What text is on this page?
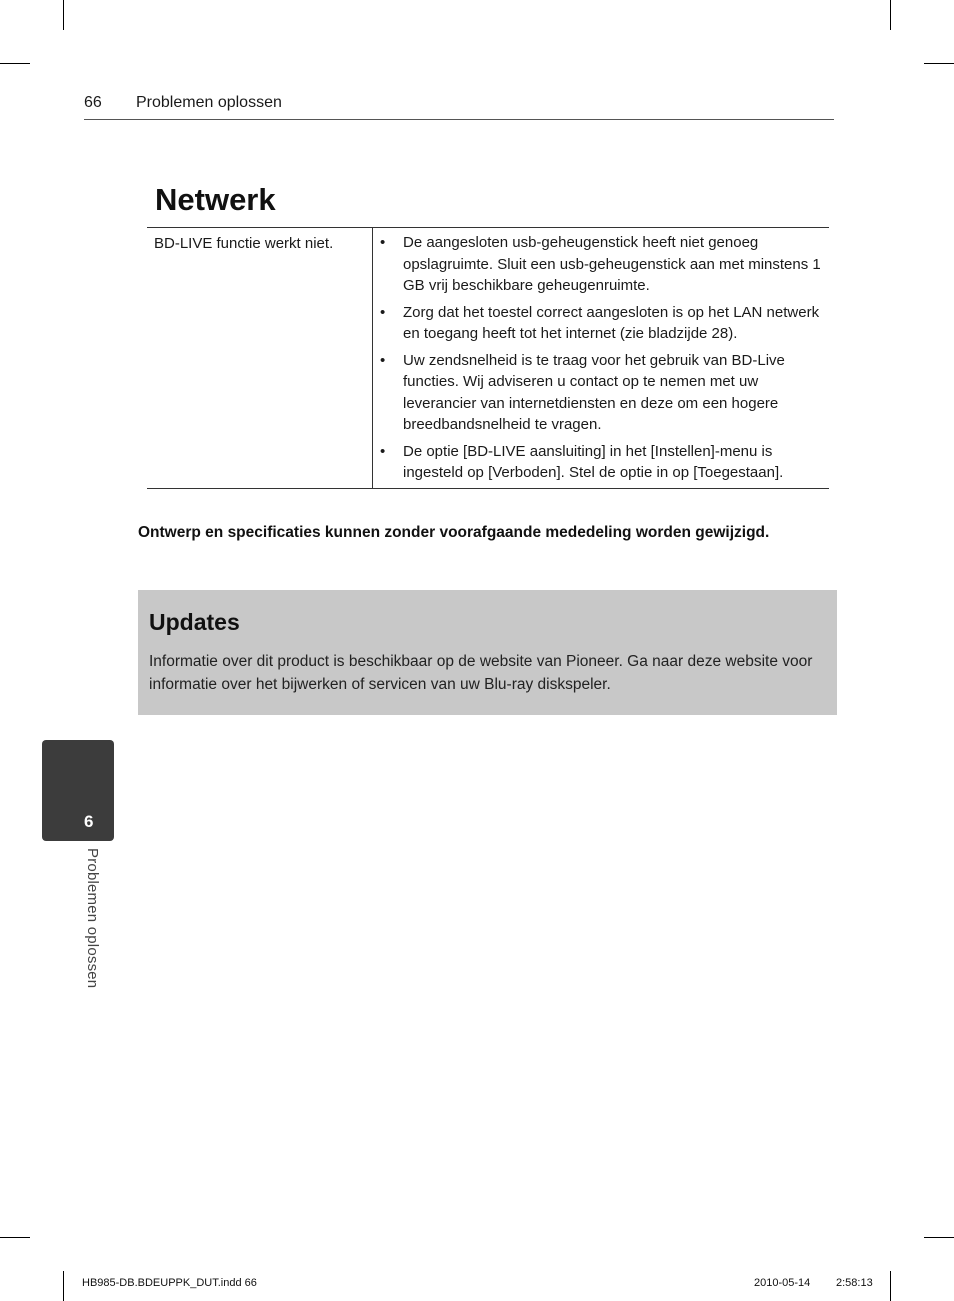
66 Problemen oplossen
Netwerk
BD-LIVE functie werkt niet.	• De aangesloten usb-geheugenstick heeft niet genoeg opslagruimte. Sluit een usb-geheugenstick aan met minstens 1 GB vrij beschikbare geheugenruimte.
• Zorg dat het toestel correct aangesloten is op het LAN netwerk en toegang heeft tot het internet (zie bladzijde 28).
• Uw zendsnelheid is te traag voor het gebruik van BD-Live functies. Wij adviseren u contact op te nemen met uw leverancier van internetdiensten en deze om een hogere breedbandsnelheid te vragen.
• De optie [BD-LIVE aansluiting] in het [Instellen]-menu is ingesteld op [Verboden]. Stel de optie in op [Toegestaan].
Ontwerp en specificaties kunnen zonder voorafgaande mededeling worden gewijzigd.
Updates

Informatie over dit product is beschikbaar op de website van Pioneer. Ga naar deze website voor informatie over het bijwerken of servicen van uw Blu-ray diskspeler.

6
Problemen oplossen
HB985-DB.BDEUPPK_DUT.indd 66	2010-05-14 2:58:13
